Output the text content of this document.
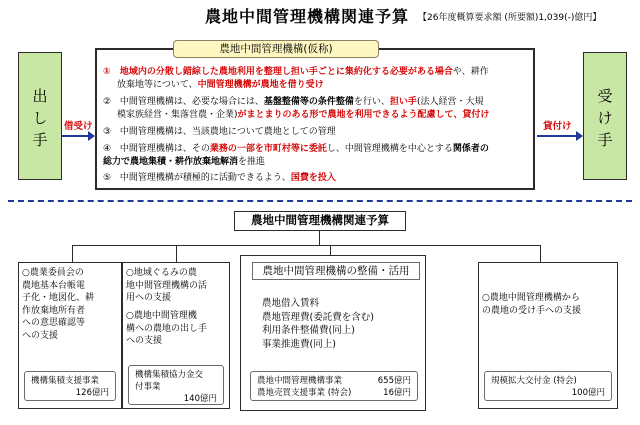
農地中間管理機構関連予算 【26年度概算要求額 (所要額)1,039(-)億円】
出
し
手
受
け
手
借受け	貸付け
農地中間管理機構(仮称)
① 地域内の分散し錯綜した農地利用を整理し担い手ごとに集約化する必要がある場合や、耕作
放棄地等について、中間管理機構が農地を借り受け
② 中間管理機構は、必要な場合には、基盤整備等の条件整備を行い、担い手(法人経営・大規
模家族経営・集落営農・企業)がまとまりのある形で農地を利用できるよう配慮して、貸付け
③ 中間管理機構は、当該農地について農地としての管理
④ 中間管理機構は、その業務の一部を市町村等に委託し、中間管理機構を中心とする関係者の
総力で農地集積・耕作放棄地解消を推進
⑤ 中間管理機構が積極的に活動できるよう、国費を投入
農地中間管理機構関連予算
○農業委員会の
農地基本台帳電
子化・地図化、耕
作放棄地所有者
への意思確認等
への支援
機構集積支援事業
126億円
○地域ぐるみの農
地中間管理機構の活
用への支援
○農地中間管理機
構への農地の出し手
への支援
機構集積協力金交
付事業
140億円
農地中間管理機構の整備・活用
農地借入賃料
農地管理費(委託費を含む)
利用条件整備費(同上)
事業推進費(同上)
農地中間管理機構事業	655億円
農地売買支援事業 (特会)	16億円
○農地中間管理機構から
の農地の受け手への支援
規模拡大交付金 (特会)
100億円
